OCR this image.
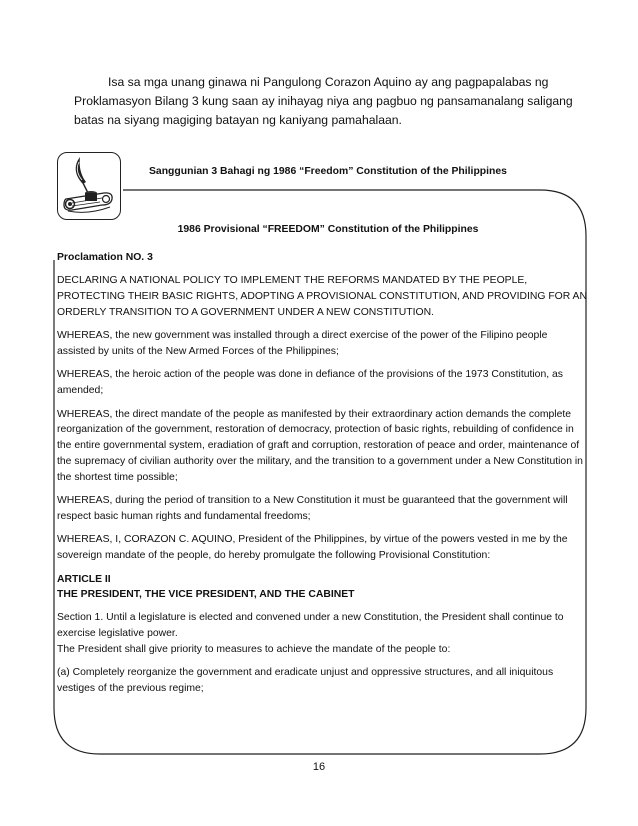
Isa sa mga unang ginawa ni Pangulong Corazon Aquino ay ang pagpapalabas ng Proklamasyon Bilang 3 kung saan ay inihayag niya ang pagbuo ng pansamanalang saligang batas na siyang magiging batayan ng kaniyang pamahalaan.

Sanggunian 3 Bahagi ng 1986 “Freedom” Constitution of the Philippines

1986 Provisional “FREEDOM” Constitution of the Philippines

Proclamation NO. 3

DECLARING A NATIONAL POLICY TO IMPLEMENT THE REFORMS MANDATED BY THE PEOPLE, PROTECTING THEIR BASIC RIGHTS, ADOPTING A PROVISIONAL CONSTITUTION, AND PROVIDING FOR AN ORDERLY TRANSITION TO A GOVERNMENT UNDER A NEW CONSTITUTION.

WHEREAS, the new government was installed through a direct exercise of the power of the Filipino people assisted by units of the New Armed Forces of the Philippines;

WHEREAS, the heroic action of the people was done in defiance of the provisions of the 1973 Constitution, as amended;

WHEREAS, the direct mandate of the people as manifested by their extraordinary action demands the complete reorganization of the government, restoration of democracy, protection of basic rights, rebuilding of confidence in the entire governmental system, eradiation of graft and corruption, restoration of peace and order, maintenance of the supremacy of civilian authority over the military, and the transition to a government under a New Constitution in the shortest time possible;

WHEREAS, during the period of transition to a New Constitution it must be guaranteed that the government will respect basic human rights and fundamental freedoms;

WHEREAS, I, CORAZON C. AQUINO, President of the Philippines, by virtue of the powers vested in me by the sovereign mandate of the people, do hereby promulgate the following Provisional Constitution:

ARTICLE II
THE PRESIDENT, THE VICE PRESIDENT, AND THE CABINET

Section 1. Until a legislature is elected and convened under a new Constitution, the President shall continue to exercise legislative power.
The President shall give priority to measures to achieve the mandate of the people to:

(a) Completely reorganize the government and eradicate unjust and oppressive structures, and all iniquitous vestiges of the previous regime;

16
